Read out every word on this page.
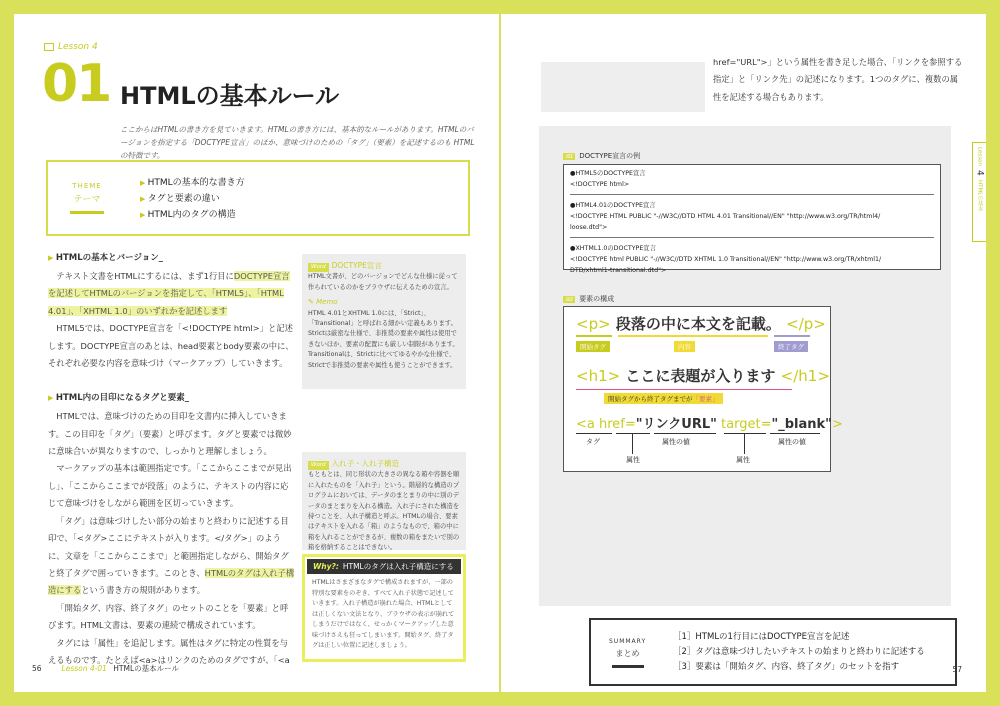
Lesson 4
01 HTMLの基本ルール
ここからはHTMLの書き方を見ていきます。HTMLの書き方には、基本的なルールがあります。HTMLのバージョンを指定する「DOCTYPE宣言」のほか、意味づけのための「タグ」（要素）を記述するのも HTMLの特徴です。
THEME
テーマ
▶ HTMLの基本的な書き方
▶ タグと要素の違い
▶ HTML内のタグの構造
▶ HTMLの基本とバージョン_

テキスト文書をHTMLにするには、まず1行目にDOCTYPE宣言を記述してHTMLのバージョンを指定して、「HTML5」、「HTML 4.01」、「XHTML 1.0」のいずれかを記述します

HTML5では、DOCTYPE宣言を「<!DOCTYPE html>」と記述します。DOCTYPE宣言のあとは、head要素とbody要素の中に、それぞれ必要な内容を意味づけ（マークアップ）していきます。

▶ HTML内の目印になるタグと要素_

HTMLでは、意味づけのための目印を文書内に挿入していきます。この目印を「タグ」（要素）と呼びます。タグと要素では微妙に意味合いが異なりますので、しっかりと理解しましょう。

マークアップの基本は範囲指定です。「ここからここまでが見出し」、「ここからここまでが段落」のように、テキストの内容に応じて意味づけをしながら範囲を区切っていきます。

「タグ」は意味づけしたい部分の始まりと終わりに記述する目印で、「<タグ>ここにテキストが入ります。</タグ>」のように、文章を「ここからここまで」と範囲指定しながら、開始タグと終了タグで囲っていきます。このとき、HTMLのタグは入れ子構造にするという書き方の規則があります。

「開始タグ、内容、終了タグ」のセットのことを「要素」と呼びます。HTML文書は、要素の連続で構成されています。

タグには「属性」を追記します。属性はタグに特定の性質を与えるものです。たとえば<a>はリンクのためのタグですが、「<a

Word DOCTYPE宣言
HTML文書が、どのバージョンでどんな仕様に従って作られているのかをブラウザに伝えるための宣言。
✎ Memo
HTML 4.01とXHTML 1.0には、「Strict」、「Transitional」と呼ばれる細かい定義もあります。Strictは厳密な仕様で、非推奨の要素や属性は使用できないほか、要素の配置にも厳しい制限があります。Transitionalは、Strictに比べてゆるやかな仕様で、Strictで非推奨の要素や属性も使うことができます。
Word 入れ子・入れ子構造
もともとは、同じ形状の大きさの異なる箱や容器を順に入れたものを「入れ子」という。階層的な構造のプログラムにおいては、データのまとまりの中に別のデータのまとまりを入れる構造。入れ子にされた構造を持つことを、入れ子構造と呼ぶ。HTMLの場合、要素はテキストを入れる「箱」のようなもので、箱の中に箱を入れることができるが、複数の箱をまたいで別の箱を格納することはできない。
Why?: HTMLのタグは入れ子構造にする
HTMLはさまざまなタグで構成されますが、一部の特別な要素をのぞき、すべて入れ子状態で記述していきます。入れ子構造が崩れた場合、HTMLとしては正しくない文法となり、ブラウザの表示が崩れてしまうだけではなく、せっかくマークアップした意味づけさえも狂ってしまいます。開始タグ、終了タグは正しい位置に記述しましょう。
56	Lesson 4-01 HTMLの基本ルール
href="URL">」という属性を書き足した場合、「リンクを参照する指定」と「リンク先」の記述になります。1つのタグに、複数の属性を記述する場合もあります。
図1 DOCTYPE宣言の例
●HTML5のDOCTYPE宣言
<!DOCTYPE html>
●HTML4.01のDOCTYPE宣言
<!DOCTYPE HTML PUBLIC "-//W3C//DTD HTML 4.01 Transitional//EN" "http://www.w3.org/TR/html4/
loose.dtd">
●XHTML1.0のDOCTYPE宣言
<!DOCTYPE html PUBLIC "-//W3C//DTD XHTML 1.0 Transitional//EN" "http://www.w3.org/TR/xhtml1/
DTD/xhtml1-transitional.dtd">
図2 要素の構成
<p> 段落の中に本文を記載。 </p>
開始タグ	内容	終了タグ
<h1> ここに表題が入ります </h1>
開始タグから終了タグまでが「要素」
<a href="リンクURL" target="_blank">
タグ	属性の値	属性の値
属性	属性
Lesson
4
HTMLの基本
SUMMARY
まとめ
［1］HTMLの1行目にはDOCTYPE宣言を記述
［2］タグは意味づけしたいテキストの始まりと終わりに記述する
［3］要素は「開始タグ、内容、終了タグ」のセットを指す	57
